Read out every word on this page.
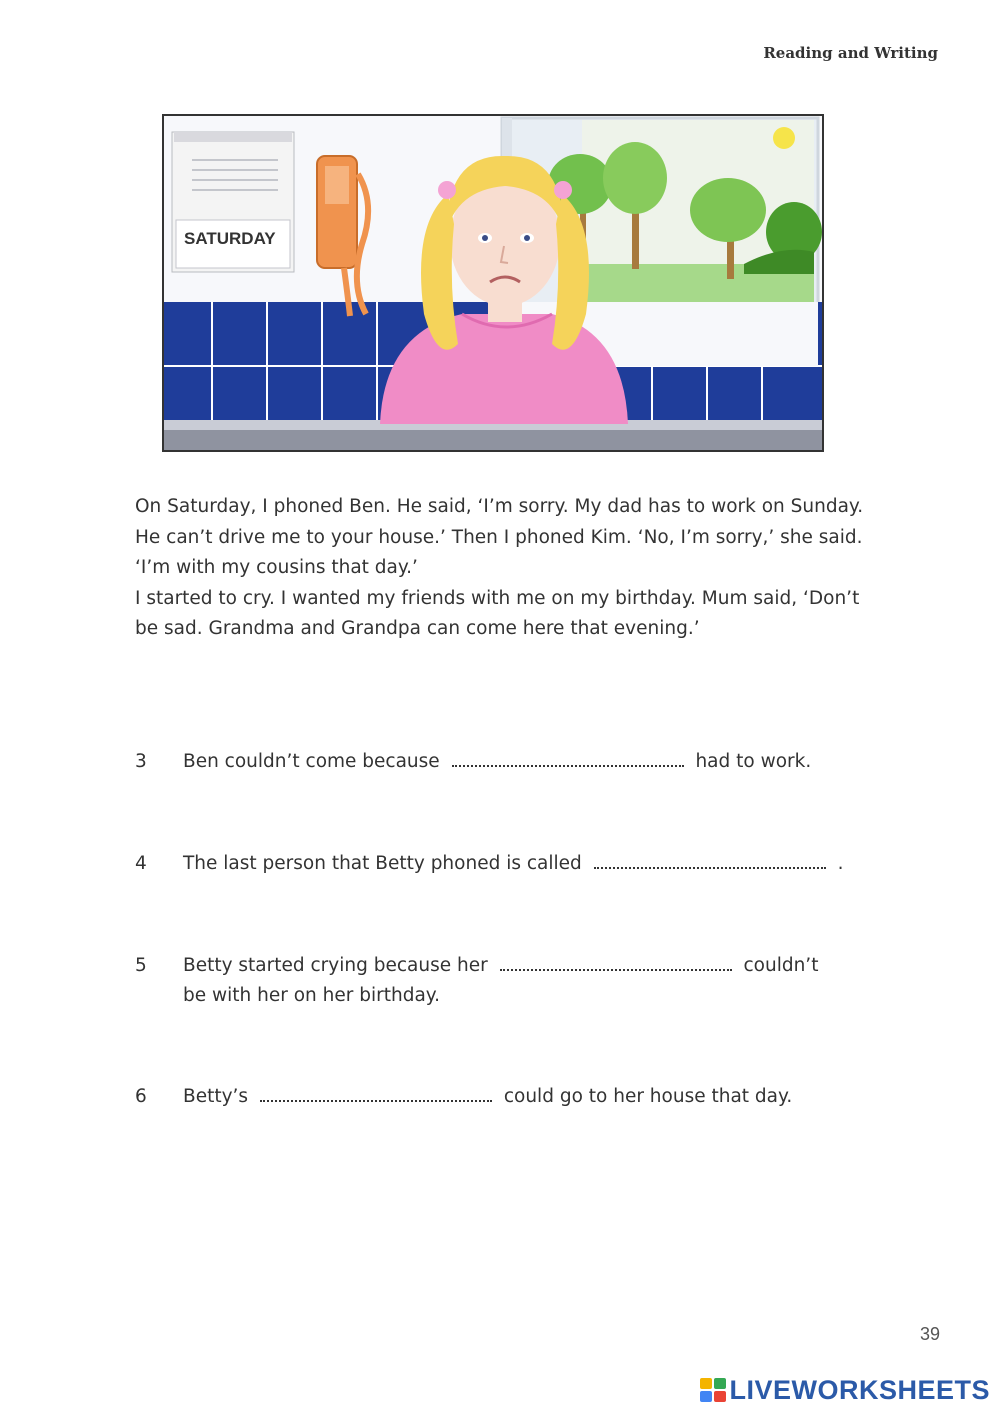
Reading and Writing
SATURDAY

On Saturday, I phoned Ben. He said, ‘I’m sorry. My dad has to work on Sunday. He can’t drive me to your house.’ Then I phoned Kim. ‘No, I’m sorry,’ she said. ‘I’m with my cousins that day.’

I started to cry. I wanted my friends with me on my birthday. Mum said, ‘Don’t be sad. Grandma and Grandpa can come here that evening.’

3	Ben couldn’t come because	had to work.
4	The last person that Betty phoned is called	.
5	Betty started crying because her	couldn’t be with her on her birthday.
6	Betty’s	could go to her house that day.
39
LIVEWORKSHEETS
